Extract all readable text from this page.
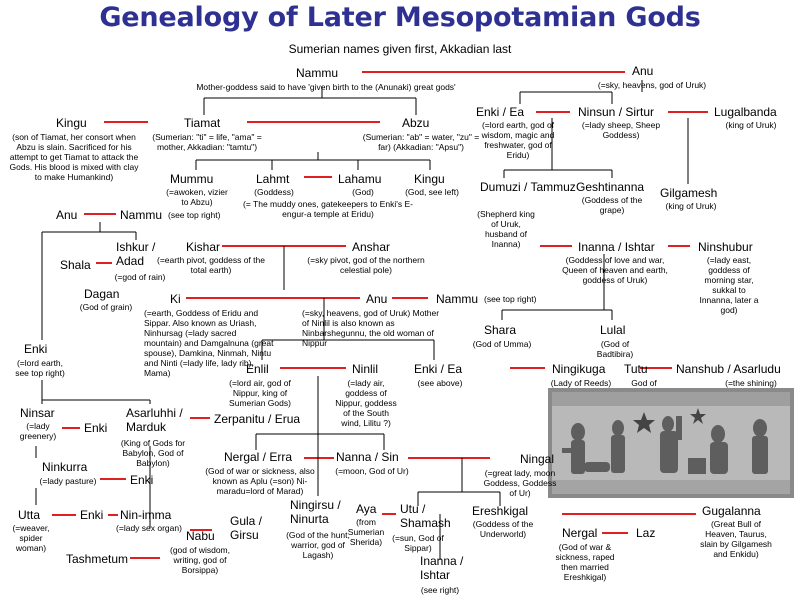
Genealogy of Later Mesopotamian Gods
Sumerian names given first, Akkadian last
Nammu
Mother-goddess said to have 'given birth to the (Anunaki) great gods'
Anu
(=sky, heavens, god of Uruk)
Kingu
(son of Tiamat, her consort when Abzu is slain. Sacrificed for his attempt to get Tiamat to attack the Gods. His blood is mixed with clay to make Humankind)
Tiamat
(Sumerian: "ti" = life, "ama" = mother, Akkadian: "tamtu")
Abzu
(Sumerian: "ab" = water, "zu" = far) (Akkadian: "Apsu")
Enki / Ea
(=lord earth, god of wisdom, magic and freshwater, god of Eridu)
Ninsun / Sirtur
(=lady sheep, Sheep Goddess)
Lugalbanda
(king of Uruk)
Mummu
(=awoken, vizier to Abzu)
Lahmt
(Goddess)
Lahamu
(God)
Kingu
(God, see left)
(= The muddy ones, gatekeepers to Enki's E-engur-a temple at Eridu)
Dumuzi / Tammuz
(Shepherd king of Uruk, husband of Inanna)
Geshtinanna
(Goddess of the grape)
Gilgamesh
(king of Uruk)
Anu	Nammu (see top right)
Ishkur / Adad
(=god of rain)
Shala
Kishar
(=earth pivot, goddess of the total earth)
Anshar
(=sky pivot, god of the northern celestial pole)
Inanna / Ishtar
(Goddess of love and war, Queen of heaven and earth, goddess of Uruk)
Ninshubur
(=lady east, goddess of morning star, sukkal to Innanna, later a god)
Dagan
(God of grain)
Ki
(=earth, Goddess of Eridu and Sippar. Also known as Uriash, Ninhursag (=lady sacred mountain) and Damgalnuna (great spouse), Damkina, Ninmah, Nintu and Ninti (=lady life, lady rib), Mama)
Anu
(=sky, heavens, god of Uruk) Mother of Ninlil is also known as Ninbarshegunnu, the old woman of Nippur
Nammu (see top right)
Shara
(God of Umma)
Lulal
(God of Badtibira)
Enki
(=lord earth, see top right)	Enlil
(=lord air, god of Nippur, king of Sumerian Gods)
Ninlil
(=lady air, goddess of Nippur, goddess of the South wind, Lilitu ?)
Enki / Ea
(see above)
Ningikuga
(Lady of Reeds)
Tutu
God of
Nanshub / Asarludu
(=the shining)
Ninsar
(=lady greenery)
Enki
Asarluhhi / Marduk
(King of Gods for Babylon, God of Babylon)
Zerpanitu / Erua
Nergal / Erra
(God of war or sickness, also known as Aplu (=son) Ni-maradu=lord of Marad)
Nanna / Sin
(=moon, God of Ur)
Ningal
(=great lady, moon Goddess, Goddess of Ur)
Ninkurra
(=lady pasture)	Enki
Ningirsu / Ninurta
(God of the hunt, warrior, god of Lagash)
Gula / Girsu
Aya
(from Sumerian Sherida)
Utu / Shamash
(=sun, God of Sippar)
Ereshkigal
(Goddess of the Underworld)
Gugalanna
(Great Bull of Heaven, Taurus, slain by Gilgamesh and Enkidu)
Utta
(=weaver, spider woman)
Enki Nin-imma
(=lady sex organ)
Nabu
(god of wisdom, writing, god of Borsippa)
Nergal
(God of war & sickness, raped then married Ereshkigal)
Laz
Tashmetum	Inanna / Ishtar
(see right)
